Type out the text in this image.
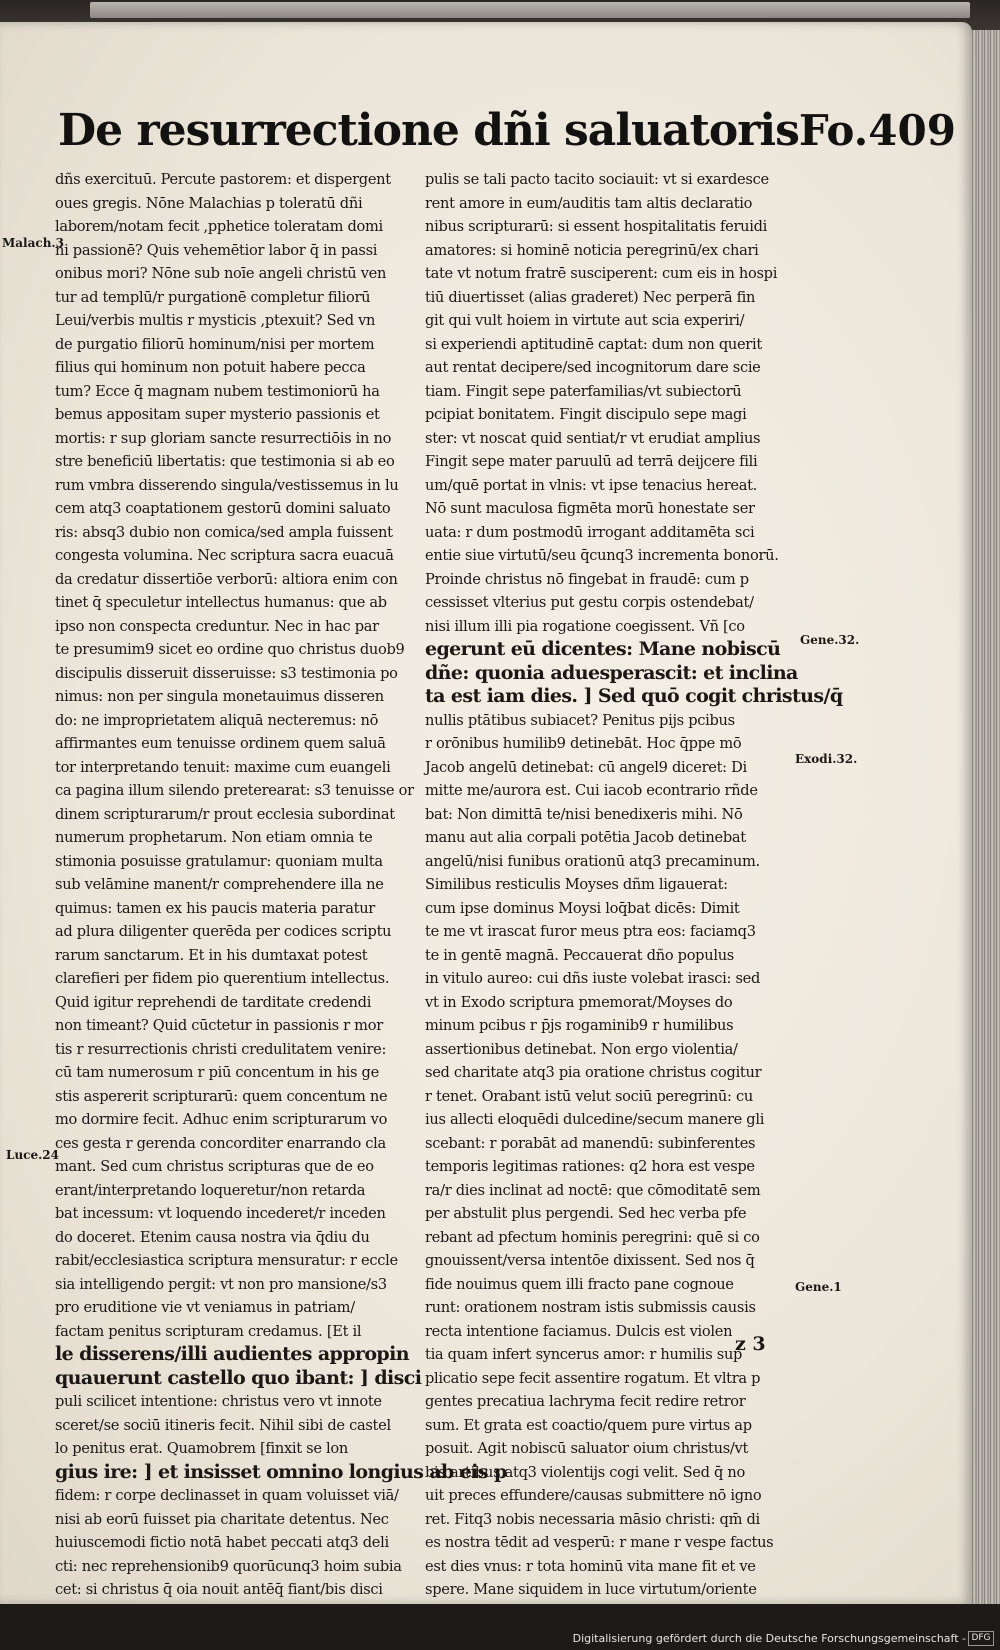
De resurrectione dñi saluatoris Fo.409
dñs exercituū. Percute pastorem: et dispergent
oues gregis. Nōne Malachias p toleratū dñi
laborem/notam fecit ,pphetice toleratam domi
ni passionē? Quis vehemētior labor q̄ in passi
onibus mori? Nōne sub noīe angeli christū ven
tur ad templū/r purgationē completur filiorū
Leui/verbis multis r mysticis ,ptexuit? Sed vn
de purgatio filiorū hominum/nisi per mortem
filius qui hominum non potuit habere pecca
tum? Ecce q̄ magnam nubem testimoniorū ha
bemus appositam super mysterio passionis et
mortis: r sup gloriam sancte resurrectiōis in no
stre beneficiū libertatis: que testimonia si ab eo
rum vmbra disserendo singula/vestissemus in lu
cem atq3 coaptationem gestorū domini saluato
ris: absq3 dubio non comica/sed ampla fuissent
congesta volumina. Nec scriptura sacra euacuā
da credatur dissertiōe verborū: altiora enim con
tinet q̄ speculetur intellectus humanus: que ab
ipso non conspecta creduntur. Nec in hac par
te presumim9 sicet eo ordine quo christus duob9
discipulis disseruit disseruisse: s3 testimonia po
nimus: non per singula monetauimus disseren
do: ne improprietatem aliquā necteremus: nō
affirmantes eum tenuisse ordinem quem saluā
tor interpretando tenuit: maxime cum euangeli
ca pagina illum silendo preterearat: s3 tenuisse or
dinem scripturarum/r prout ecclesia subordinat
numerum prophetarum. Non etiam omnia te
stimonia posuisse gratulamur: quoniam multa
sub velāmine manent/r comprehendere illa ne
quimus: tamen ex his paucis materia paratur
ad plura diligenter querēda per codices scriptu
rarum sanctarum. Et in his dumtaxat potest
clarefieri per fidem pio querentium intellectus.
Quid igitur reprehendi de tarditate credendi
non timeant? Quid cūctetur in passionis r mor
tis r resurrectionis christi credulitatem venire:
cū tam numerosum r piū concentum in his ge
stis aspererit scripturarū: quem concentum ne
mo dormire fecit. Adhuc enim scripturarum vo
ces gesta r gerenda concorditer enarrando cla
mant. Sed cum christus scripturas que de eo
erant/interpretando loqueretur/non retarda
bat incessum: vt loquendo incederet/r inceden
do doceret. Etenim causa nostra via q̄diu du
rabit/ecclesiastica scriptura mensuratur: r eccle
sia intelligendo pergit: vt non pro mansione/s3
pro eruditione vie vt veniamus in patriam/
factam penitus scripturam credamus. [Et il
le disserens/illi audientes appropin
quauerunt castello quo ibant: ] disci
puli scilicet intentione: christus vero vt innote
sceret/se sociū itineris fecit. Nihil sibi de castel
lo penitus erat. Quamobrem [finxit se lon
gius ire: ] et insisset omnino longius ab eis p
fidem: r corpe declinasset in quam voluisset viā/
nisi ab eorū fuisset pia charitate detentus. Nec
huiuscemodi fictio notā habet peccati atq3 deli
cti: nec reprehensionib9 quorūcunq3 hoim subia
cet: si christus q̄ oia nouit antēq̄ fiant/bis disci
pulis se tali pacto tacito sociauit: vt si exardesce
rent amore in eum/auditis tam altis declaratio
nibus scripturarū: si essent hospitalitatis feruidi
amatores: si hominē noticia peregrinū/ex chari
tate vt notum fratrē susciperent: cum eis in hospi
tiū diuertisset (alias graderet) Nec perperā fin
git qui vult hoiem in virtute aut scia experiri/
si experiendi aptitudinē captat: dum non querit
aut rentat decipere/sed incognitorum dare scie
tiam. Fingit sepe paterfamilias/vt subiectorū
pcipiat bonitatem. Fingit discipulo sepe magi
ster: vt noscat quid sentiat/r vt erudiat amplius
Fingit sepe mater paruulū ad terrā deijcere fili
um/quē portat in vlnis: vt ipse tenacius hereat.
Nō sunt maculosa figmēta morū honestate ser
uata: r dum postmodū irrogant additamēta sci
entie siue virtutū/seu q̄cunq3 incrementa bonorū.
Proinde christus nō fingebat in fraudē: cum p
cessisset vlterius put gestu corpis ostendebat/
nisi illum illi pia rogatione coegissent. Vñ [co
egerunt eū dicentes: Mane nobiscū
dñe: quonia aduesperascit: et inclina
ta est iam dies. ] Sed quō cogit christus/q̄
nullis ptātibus subiacet? Penitus pijs pcibus
r orōnibus humilib9 detinebāt. Hoc q̄ppe mō
Jacob angelū detinebat: cū angel9 diceret: Di
mitte me/aurora est. Cui iacob econtrario rñde
bat: Non dimittā te/nisi benedixeris mihi. Nō
manu aut alia corpali potētia Jacob detinebat
angelū/nisi funibus orationū atq3 precaminum.
Similibus resticulis Moyses dñm ligauerat:
cum ipse dominus Moysi loq̄bat dicēs: Dimit
te me vt irascat furor meus ptra eos: faciamq3
te in gentē magnā. Peccauerat dño populus
in vitulo aureo: cui dñs iuste volebat irasci: sed
vt in Exodo scriptura pmemorat/Moyses do
minum pcibus r p̄js rogaminib9 r humilibus
assertionibus detinebat. Non ergo violentia/
sed charitate atq3 pia oratione christus cogitur
r tenet. Orabant istū velut sociū peregrinū: cu
ius allecti eloquēdi dulcedine/secum manere gli
scebant: r porabāt ad manendū: subinferentes
temporis legitimas rationes: q2 hora est vespe
ra/r dies inclinat ad noctē: que cōmoditatē sem
per abstulit plus pergendi. Sed hec verba pfe
rebant ad pfectum hominis peregrini: quē si co
gnouissent/versa intentōe dixissent. Sed nos q̄
fide nouimus quem illi fracto pane cognoue
runt: orationem nostram istis submissis causis
recta intentione faciamus. Dulcis est violen
tia quam infert syncerus amor: r humilis sup
plicatio sepe fecit assentire rogatum. Et vltra p
gentes precatiua lachryma fecit redire retror
sum. Et grata est coactio/quem pure virtus ap
posuit. Agit nobiscū saluator oium christus/vt
bis artibus atq3 violentijs cogi velit. Sed q̄ no
uit preces effundere/causas submittere nō igno
ret. Fitq3 nobis necessaria māsio christi: qm̄ di
es nostra tēdit ad vesperū: r mane r vespe factus
est dies vnus: r tota hominū vita mane fit et ve
spere. Mane siquidem in luce virtutum/oriente
Malach.3
Gene.32.
Exodi.32.
Luce.24
Gene.1
z 3
Digitalisierung gefördert durch die Deutsche Forschungsgemeinschaft - DFG
